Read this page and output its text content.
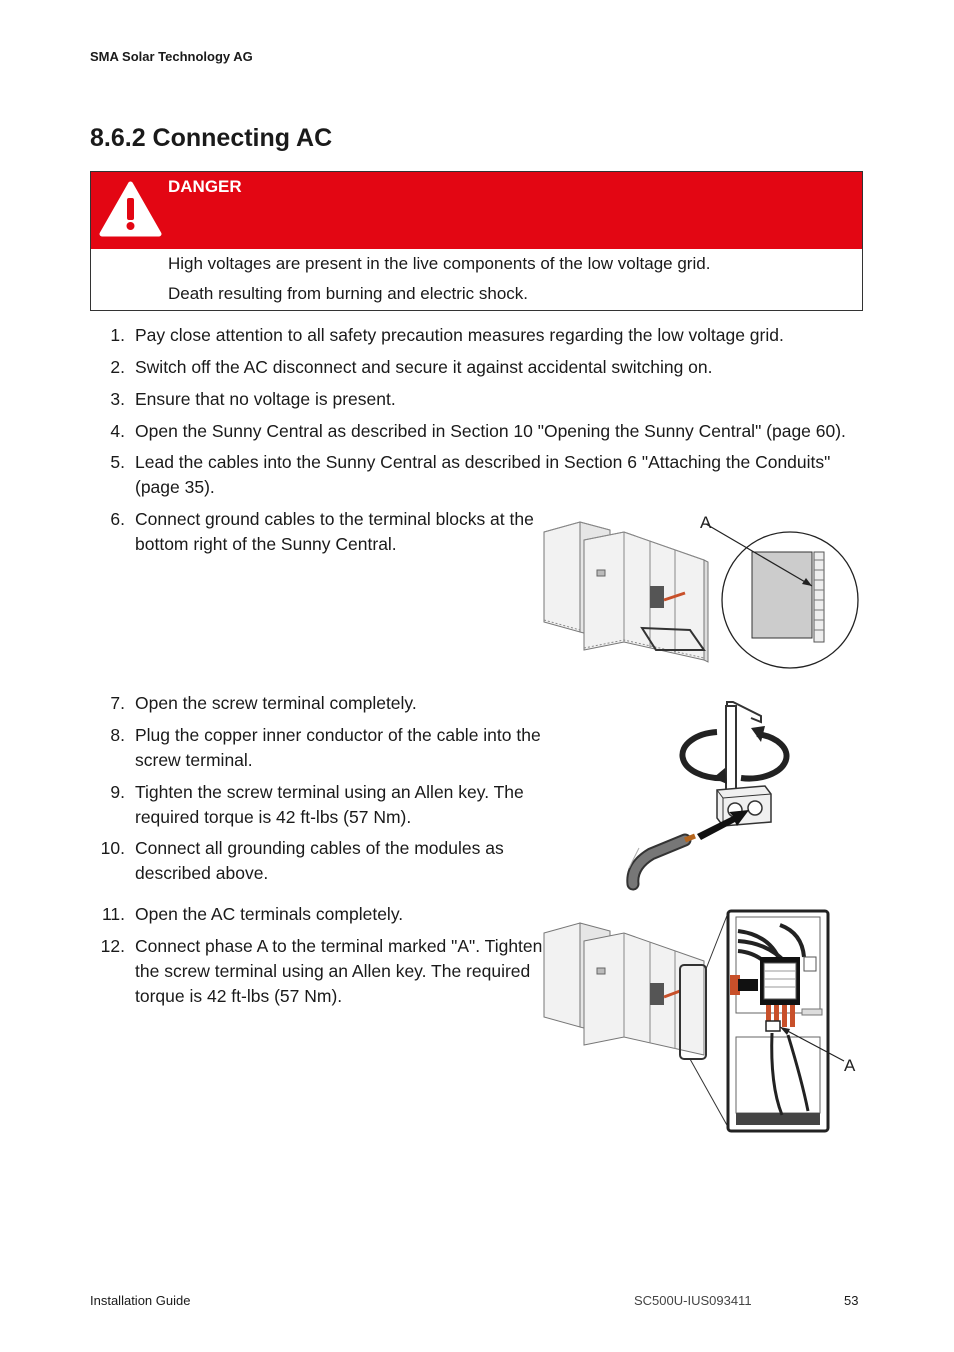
SMA Solar Technology AG
8.6.2 Connecting AC
DANGER
High voltages are present in the live components of the low voltage grid.
Death resulting from burning and electric shock.
1. Pay close attention to all safety precaution measures regarding the low voltage grid.
2. Switch off the AC disconnect and secure it against accidental switching on.
3. Ensure that no voltage is present.
4. Open the Sunny Central as described in Section 10 "Opening the Sunny Central" (page 60).
5. Lead the cables into the Sunny Central as described in Section 6 "Attaching the Conduits"
(page 35).
6. Connect ground cables to the terminal blocks at the
bottom right of the Sunny Central.
7. Open the screw terminal completely.
8. Plug the copper inner conductor of the cable into the
screw terminal.
9. Tighten the screw terminal using an Allen key. The
required torque is 42 ft-lbs (57 Nm).
10. Connect all grounding cables of the modules as
described above.
11. Open the AC terminals completely.
12. Connect phase A to the terminal marked "A". Tighten
the screw terminal using an Allen key. The required
torque is 42 ft-lbs (57 Nm).
A
A
Installation Guide	SC500U-IUS093411	53
